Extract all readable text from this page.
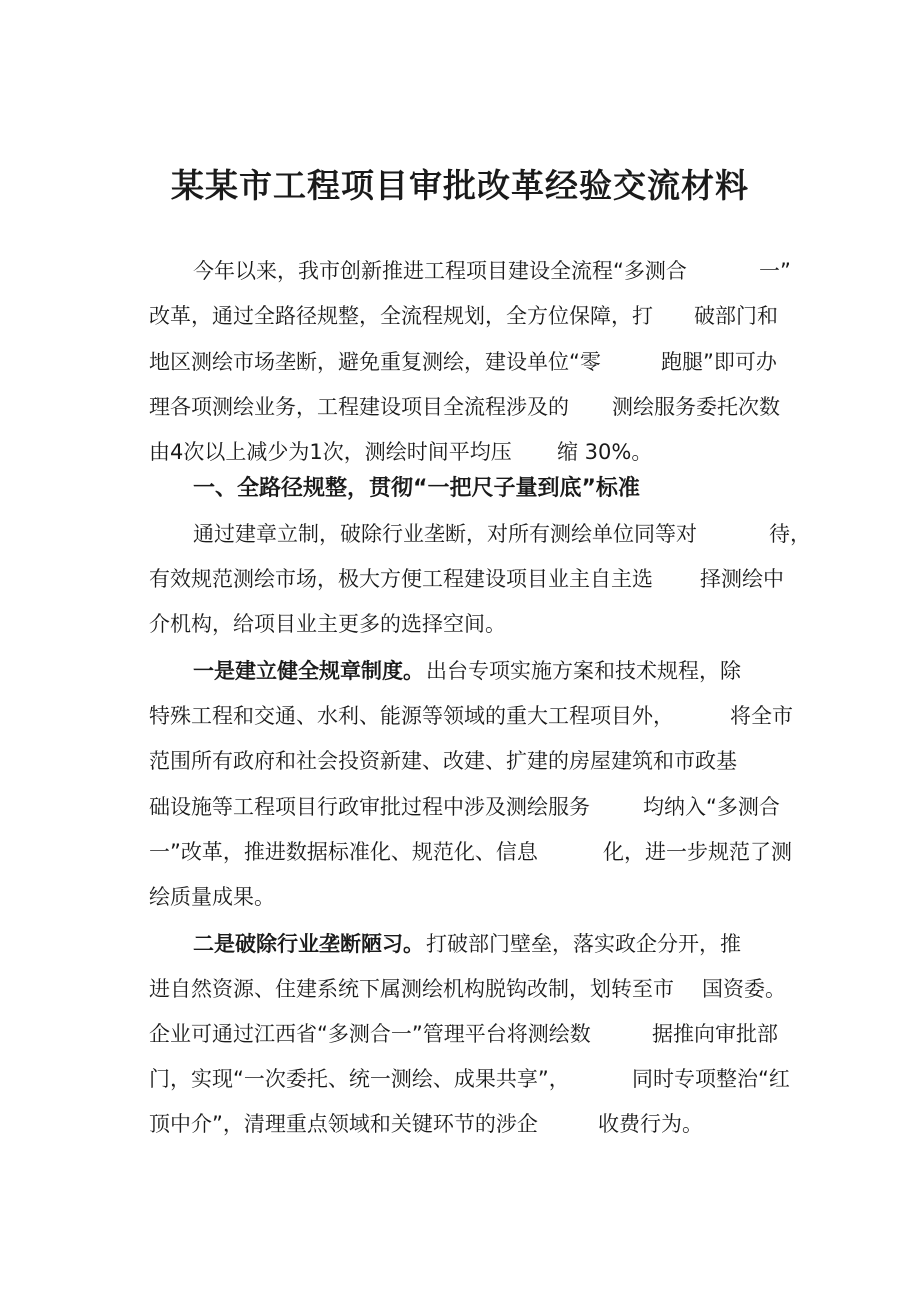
某某市工程项目审批改革经验交流材料
今年以来，我市创新推进工程项目建设全流程“多测合	一”
改革，通过全路径规整，全流程规划，全方位保障，打 破部门和
地区测绘市场垄断，避免重复测绘，建设单位“零	跑腿”即可办
理各项测绘业务，工程建设项目全流程涉及的 测绘服务委托次数
由4次以上减少为1次，测绘时间平均压 缩 30%。
一、全路径规整，贯彻“一把尺子量到底”标准
通过建章立制，破除行业垄断，对所有测绘单位同等对	待，
有效规范测绘市场，极大方便工程建设项目业主自主选 择测绘中
介机构，给项目业主更多的选择空间。
一是建立健全规章制度。 出台专项实施方案和技术规程，除
特殊工程和交通、水利、能源等领域的重大工程项目外，	将全市
范围所有政府和社会投资新建、改建、扩建的房屋建 筑和市政基
础设施等工程项目行政审批过程中涉及测绘服务	均纳入“多测合
一”改革，推进数据标准化、规范化、信息	化，进一步规范了测
绘质量成果。
二是破除行业垄断陋习。 打破部门壁垒，落实政企分开，推
进自然资源、住建系统下属测绘机构脱钩改制，划转至市 国资委。
企业可通过江西省“多测合一”管理平台将测绘数	据推向审批部
门，实现“一次委托、统一测绘、成果共享”，	同时专项整治“红
顶中介”，清理重点领域和关键环节的涉企	收费行为。
